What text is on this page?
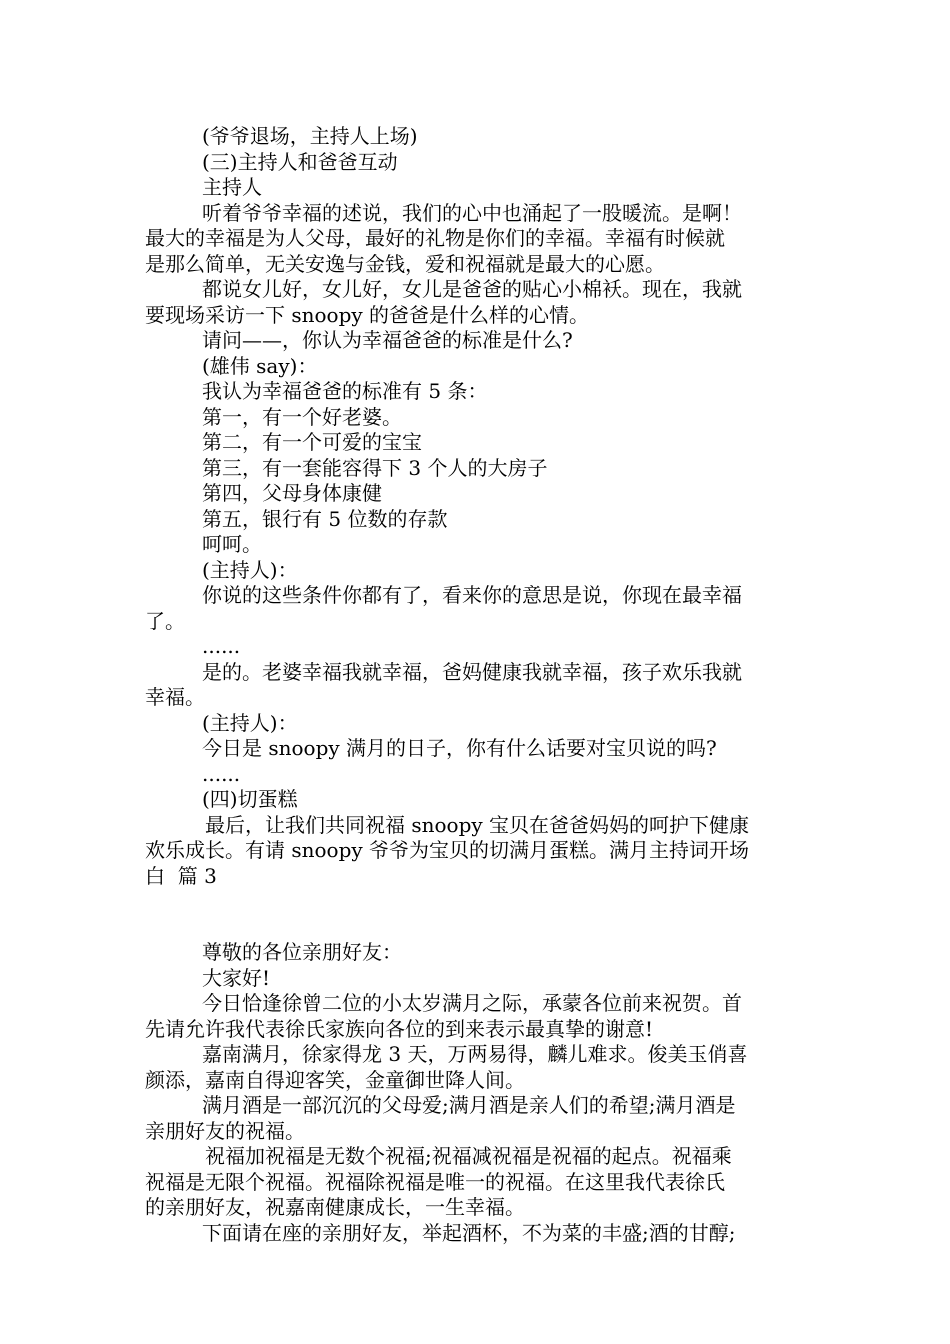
(爷爷退场，主持人上场)
(三)主持人和爸爸互动
主持人
听着爷爷幸福的述说，我们的心中也涌起了一股暖流。是啊！
最大的幸福是为人父母，最好的礼物是你们的幸福。幸福有时候就
是那么简单，无关安逸与金钱，爱和祝福就是最大的心愿。
都说女儿好，女儿好，女儿是爸爸的贴心小棉袄。现在，我就
要现场采访一下 snoopy 的爸爸是什么样的心情。
请问——，你认为幸福爸爸的标准是什么?
(雄伟 say)：
我认为幸福爸爸的标准有 5 条：
第一，有一个好老婆。
第二，有一个可爱的宝宝
第三，有一套能容得下 3 个人的大房子
第四，父母身体康健
第五，银行有 5 位数的存款
呵呵。
(主持人)：
你说的这些条件你都有了，看来你的意思是说，你现在最幸福
了。
......
是的。老婆幸福我就幸福，爸妈健康我就幸福，孩子欢乐我就
幸福。
(主持人)：
今日是 snoopy 满月的日子，你有什么话要对宝贝说的吗?
......
(四)切蛋糕
最后，让我们共同祝福 snoopy 宝贝在爸爸妈妈的呵护下健康
欢乐成长。有请 snoopy 爷爷为宝贝的切满月蛋糕。满月主持词开场
白  篇 3
尊敬的各位亲朋好友：
大家好!
今日恰逢徐曾二位的小太岁满月之际，承蒙各位前来祝贺。首
先请允许我代表徐氏家族向各位的到来表示最真挚的谢意!
嘉南满月，徐家得龙 3 天，万两易得，麟儿难求。俊美玉俏喜
颜添，嘉南自得迎客笑，金童御世降人间。
满月酒是一部沉沉的父母爱;满月酒是亲人们的希望;满月酒是
亲朋好友的祝福。
祝福加祝福是无数个祝福;祝福减祝福是祝福的起点。祝福乘
祝福是无限个祝福。祝福除祝福是唯一的祝福。在这里我代表徐氏
的亲朋好友，祝嘉南健康成长，一生幸福。
下面请在座的亲朋好友，举起酒杯，不为菜的丰盛;酒的甘醇;
